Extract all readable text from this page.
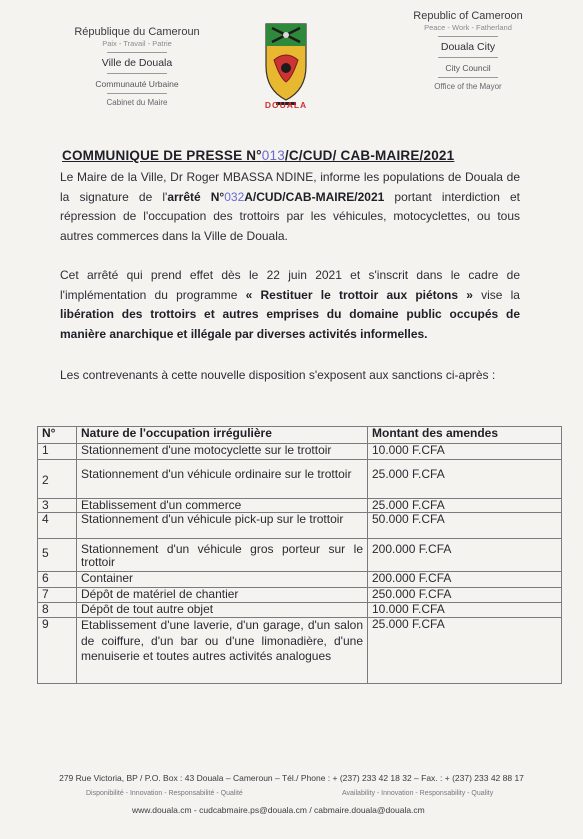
République du Cameroun
Paix - Travail - Patrie
Ville de Douala
Communauté Urbaine
Cabinet du Maire	DOUALA
Republic of Cameroon
Peace - Work - Fatherland
Douala City
City Council
Office of the Mayor
COMMUNIQUE DE PRESSE N°013/C/CUD/ CAB-MAIRE/2021
Le Maire de la Ville, Dr Roger MBASSA NDINE, informe les populations de Douala de la signature de l'arrêté N°032A/CUD/CAB-MAIRE/2021 portant interdiction et répression de l'occupation des trottoirs par les véhicules, motocyclettes, ou tous autres commerces dans la Ville de Douala.
Cet arrêté qui prend effet dès le 22 juin 2021 et s'inscrit dans le cadre de l'implémentation du programme « Restituer le trottoir aux piétons » vise la libération des trottoirs et autres emprises du domaine public occupés de manière anarchique et illégale par diverses activités informelles.
Les contrevenants à cette nouvelle disposition s'exposent aux sanctions ci-après :
N°	Nature de l'occupation irrégulière	Montant des amendes
1	Stationnement d'une motocyclette sur le trottoir	10.000 F.CFA
2	Stationnement d'un véhicule ordinaire sur le trottoir	25.000 F.CFA
3	Etablissement d'un commerce	25.000 F.CFA
4	Stationnement d'un véhicule pick-up sur le trottoir	50.000 F.CFA
5	Stationnement d'un véhicule gros porteur sur le trottoir	200.000 F.CFA
6	Container	200.000 F.CFA
7	Dépôt de matériel de chantier	250.000 F.CFA
8	Dépôt de tout autre objet	10.000 F.CFA
9	Etablissement d'une laverie, d'un garage, d'un salon de coiffure, d'un bar ou d'une limonadière, d'une menuiserie et toutes autres activités analogues	25.000 F.CFA
279 Rue Victoria, BP / P.O. Box : 43 Douala – Cameroun – Tél./ Phone : + (237) 233 42 18 32 – Fax. : + (237) 233 42 88 17
Disponibilité - Innovation - Responsabilité - Qualité	Availability - Innovation - Responsability - Quality
www.douala.cm - cudcabmaire.ps@douala.cm / cabmaire.douala@douala.cm
